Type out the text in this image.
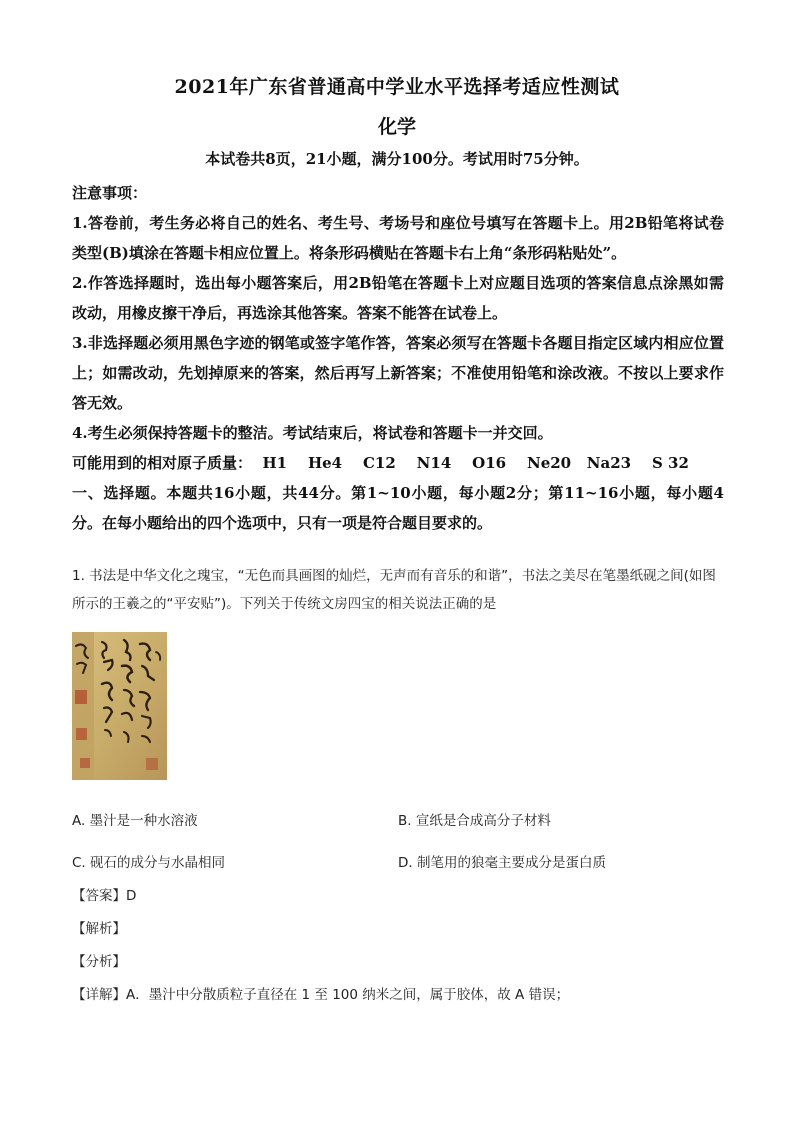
2021年广东省普通高中学业水平选择考适应性测试
化学
本试卷共8页，21小题，满分100分。考试用时75分钟。

注意事项：

1.答卷前，考生务必将自己的姓名、考生号、考场号和座位号填写在答题卡上。用2B铅笔将试卷类型(B)填涂在答题卡相应位置上。将条形码横贴在答题卡右上角“条形码粘贴处”。

2.作答选择题时，选出每小题答案后，用2B铅笔在答题卡上对应题目选项的答案信息点涂黑如需改动，用橡皮擦干净后，再选涂其他答案。答案不能答在试卷上。

3.非选择题必须用黑色字迹的钢笔或签字笔作答，答案必须写在答题卡各题目指定区域内相应位置上；如需改动，先划掉原来的答案，然后再写上新答案；不准使用铅笔和涂改液。不按以上要求作答无效。

4.考生必须保持答题卡的整洁。考试结束后，将试卷和答题卡一并交回。

可能用到的相对原子质量：  H1    He4    C12    N14    O16    Ne20   Na23    S 32

一、选择题。本题共16小题，共44分。第1~10小题，每小题2分；第11~16小题，每小题4分。在每小题给出的四个选项中，只有一项是符合题目要求的。

1. 书法是中华文化之瑰宝，“无色而具画图的灿烂，无声而有音乐的和谐”，书法之美尽在笔墨纸砚之间(如图所示的王羲之的“平安贴”)。下列关于传统文房四宝的相关说法正确的是

A. 墨汁是一种水溶液	B. 宣纸是合成高分子材料
C. 砚石的成分与水晶相同	D. 制笔用的狼毫主要成分是蛋白质
【答案】D
【解析】
【分析】
【详解】A．墨汁中分散质粒子直径在 1 至 100 纳米之间，属于胶体，故 A 错误；
